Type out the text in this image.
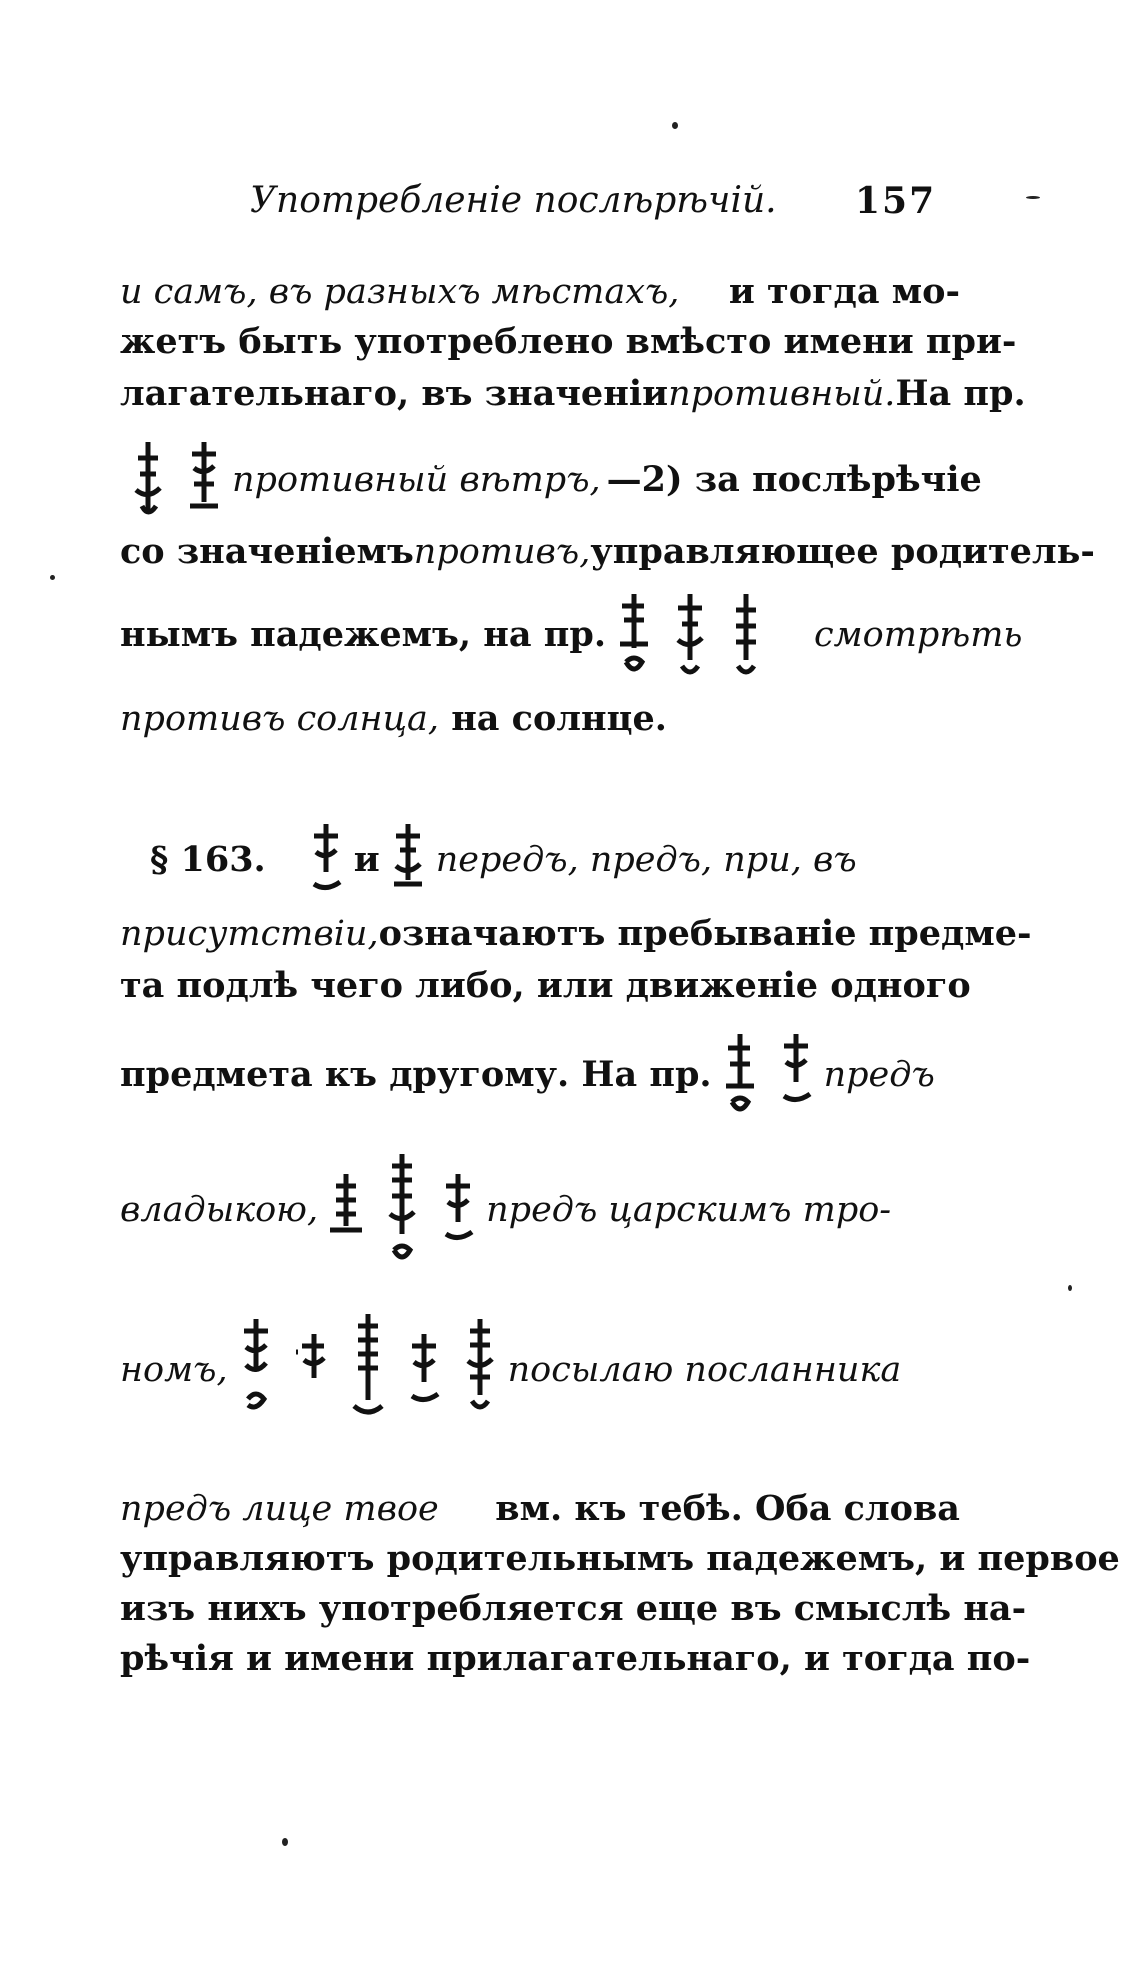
Употребленіе послѣрѣчій. 157
и самъ, въ разныхъ мѣстахъ, и тогда мо-
жетъ быть употреблено вмѣсто имени при-
лагательнаго, въ значеніи противный. На пр.
противный вѣтръ, —2) за послѣрѣчіе
со значеніемъ противъ, управляющее родитель-
нымъ падежемъ, на пр.	смотрѣть
противъ солнца, на солнце.
§ 163.	и передъ, предъ, при, въ
присутствіи, означаютъ пребываніе предме-
та подлѣ чего либо, или движеніе одного
предмета къ другому. На пр.	предъ
владыкою,	предъ царскимъ тро-
номъ,	посылаю посланника
предъ лице твое вм. къ тебѣ. Оба слова
управляютъ родительнымъ падежемъ, и первое
изъ нихъ употребляется еще въ смыслѣ на-
рѣчія и имени прилагательнаго, и тогда по-
